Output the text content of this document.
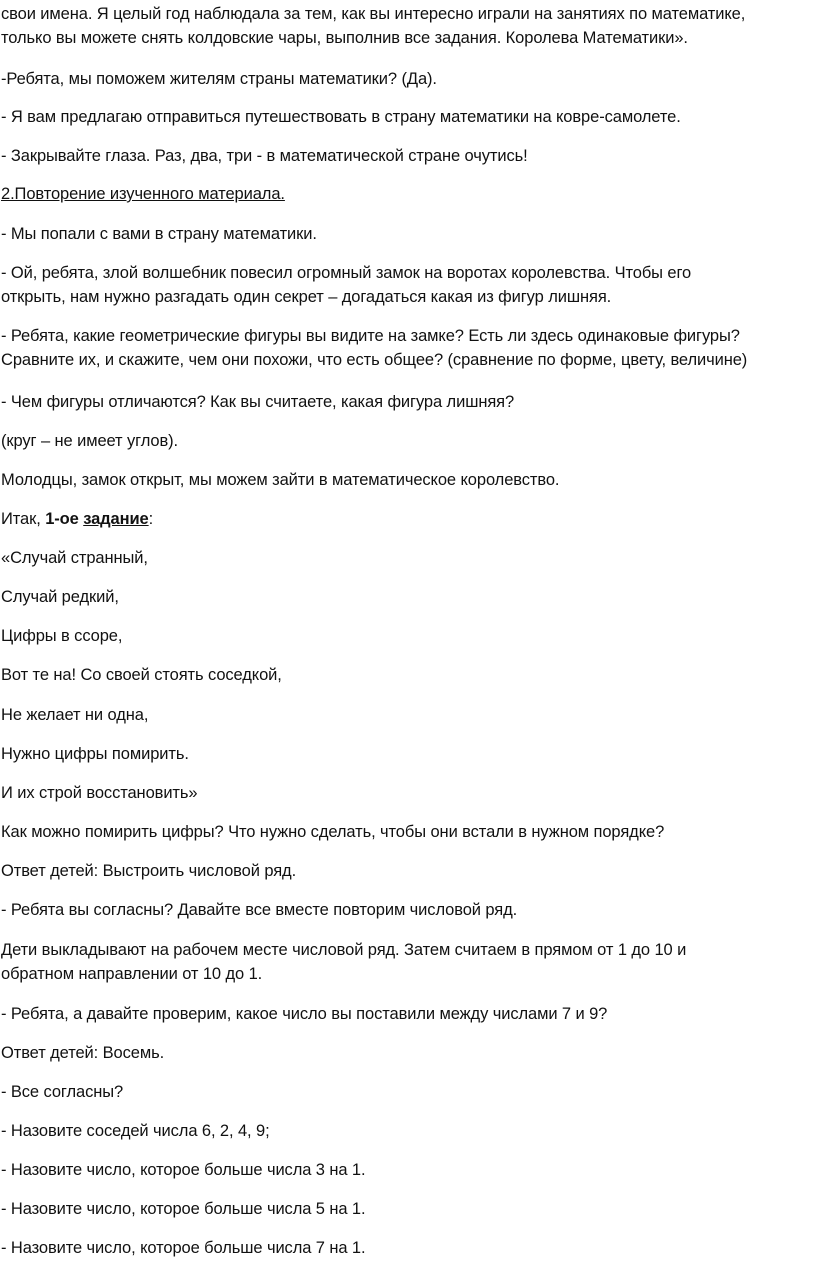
свои имена. Я целый год наблюдала за тем, как вы интересно играли на занятиях по математике,
только вы можете снять колдовские чары, выполнив все задания. Королева Математики».
-Ребята, мы поможем жителям страны математики? (Да).
- Я вам предлагаю отправиться путешествовать в страну математики на ковре-самолете.
- Закрывайте глаза. Раз, два, три - в математической стране очутись!
2.Повторение изученного материала.
- Мы попали с вами в страну математики.
- Ой, ребята, злой волшебник повесил огромный замок на воротах королевства. Чтобы его
открыть, нам нужно разгадать один секрет – догадаться какая из фигур лишняя.
- Ребята, какие геометрические фигуры вы видите на замке? Есть ли здесь одинаковые фигуры?
Сравните их, и скажите, чем они похожи, что есть общее? (сравнение по форме, цвету, величине)
- Чем фигуры отличаются? Как вы считаете, какая фигура лишняя?
(круг – не имеет углов).
Молодцы, замок открыт, мы можем зайти в математическое королевство.
Итак, 1-ое задание:
«Случай странный,
Случай редкий,
Цифры в ссоре,
Вот те на! Со своей стоять соседкой,
Не желает ни одна,
Нужно цифры помирить.
И их строй восстановить»
Как можно помирить цифры? Что нужно сделать, чтобы они встали в нужном порядке?
Ответ детей: Выстроить числовой ряд.
- Ребята вы согласны? Давайте все вместе повторим числовой ряд.
Дети выкладывают на рабочем месте числовой ряд. Затем считаем в прямом от 1 до 10 и
обратном направлении от 10 до 1.
- Ребята, а давайте проверим, какое число вы поставили между числами 7 и 9?
Ответ детей: Восемь.
- Все согласны?
- Назовите соседей числа 6, 2, 4, 9;
- Назовите число, которое больше числа 3 на 1.
- Назовите число, которое больше числа 5 на 1.
- Назовите число, которое больше числа 7 на 1.
